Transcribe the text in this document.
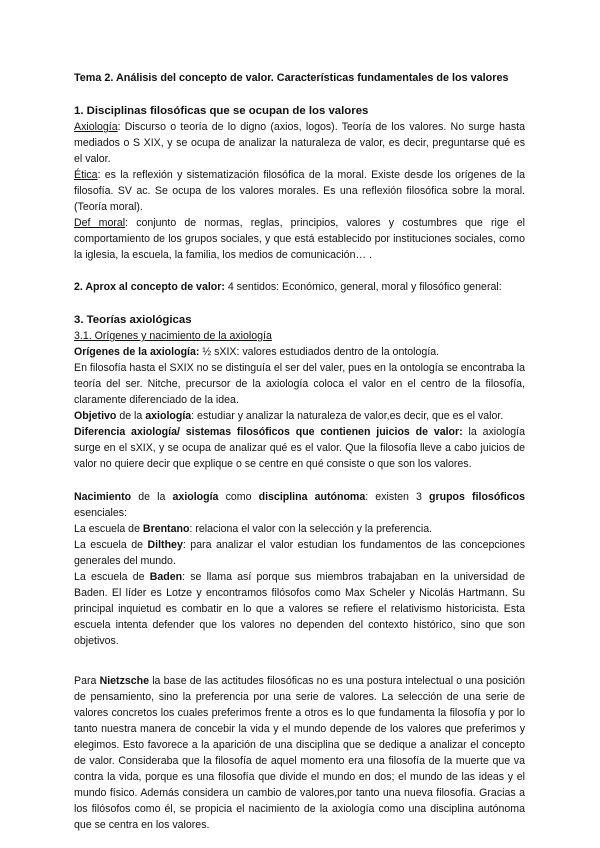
Tema 2. Análisis del concepto de valor. Características fundamentales de los valores

1. Disciplinas filosóficas que se ocupan de los valores

Axiología: Discurso o teoría de lo digno (axios, logos). Teoría de los valores. No surge hasta mediados o S XIX, y se ocupa de analizar la naturaleza de valor, es decir, preguntarse qué es el valor.

Ética: es la reflexión y sistematización filosófica de la moral. Existe desde los orígenes de la filosofía. SV ac. Se ocupa de los valores morales. Es una reflexión filosófica sobre la moral. (Teoría moral).

Def moral: conjunto de normas, reglas, principios, valores y costumbres que rige el comportamiento de los grupos sociales, y que está establecido por instituciones sociales, como la iglesia, la escuela, la familia, los medios de comunicación… .

2. Aprox al concepto de valor: 4 sentidos: Económico, general, moral y filosófico general:

3. Teorías axiológicas

3.1. Orígenes y nacimiento de la axiología

Orígenes de la axiología: ½ sXIX: valores estudiados dentro de la ontología.

En filosofía hasta el SXIX no se distinguía el ser del valer, pues en la ontología se encontraba la teoría del ser. Nitche, precursor de la axiología coloca el valor en el centro de la filosofía, claramente diferenciado de la idea.

Objetivo de la axiología: estudiar y analizar la naturaleza de valor,es decir, que es el valor.

Diferencia axiología/ sistemas filosóficos que contienen juicios de valor: la axiología surge en el sXIX, y se ocupa de analizar qué es el valor. Que la filosofía lleve a cabo juicios de valor no quiere decir que explique o se centre en qué consiste o que son los valores.

Nacimiento de la axiología como disciplina autónoma: existen 3 grupos filosóficos esenciales:

La escuela de Brentano: relaciona el valor con la selección y la preferencia.

La escuela de Dilthey: para analizar el valor estudian los fundamentos de las concepciones generales del mundo.

La escuela de Baden: se llama así porque sus miembros trabajaban en la universidad de Baden. El líder es Lotze y encontramos filósofos como Max Scheler y Nicolás Hartmann. Su principal inquietud es combatir en lo que a valores se refiere el relativismo historicista. Esta escuela intenta defender que los valores no dependen del contexto histórico, sino que son objetivos.

Para Nietzsche la base de las actitudes filosóficas no es una postura intelectual o una posición de pensamiento, sino la preferencia por una serie de valores. La selección de una serie de valores concretos los cuales preferimos frente a otros es lo que fundamenta la filosofía y por lo tanto nuestra manera de concebir la vida y el mundo depende de los valores que preferimos y elegimos. Esto favorece a la aparición de una disciplina que se dedique a analizar el concepto de valor. Consideraba que la filosofía de aquel momento era una filosofía de la muerte que va contra la vida, porque es una filosofía que divide el mundo en dos; el mundo de las ideas y el mundo físico. Además considera un cambio de valores,por tanto una nueva filosofía. Gracias a los filósofos como él, se propicia el nacimiento de la axiología como una disciplina autónoma que se centra en los valores.
